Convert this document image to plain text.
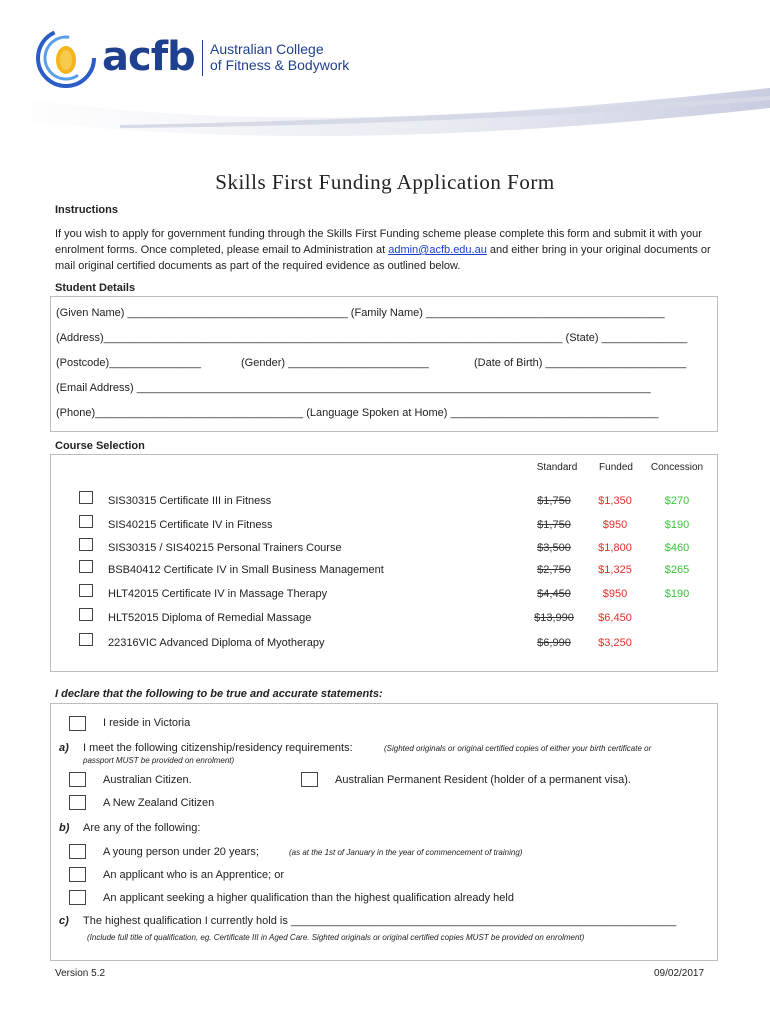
acfb Australian College
of Fitness & Bodywork
Skills First Funding Application Form
Instructions
If you wish to apply for government funding through the Skills First Funding scheme please complete this form and submit it with your enrolment forms. Once completed, please email to Administration at admin@acfb.edu.au and either bring in your original documents or mail original certified documents as part of the required evidence as outlined below.
Student Details
(Given Name) ____________________________________ (Family Name) _______________________________________
(Address)___________________________________________________________________________ (State) ______________
(Postcode)_______________	(Gender) _______________________	(Date of Birth) _______________________
(Email Address) ____________________________________________________________________________________
(Phone)__________________________________ (Language Spoken at Home) __________________________________
Course Selection
Standard	Funded	Concession
SIS30315 Certificate III in Fitness	$1,750	$1,350	$270
SIS40215 Certificate IV in Fitness	$1,750	$950	$190
SIS30315 / SIS40215 Personal Trainers Course	$3,500	$1,800	$460
BSB40412 Certificate IV in Small Business Management	$2,750	$1,325	$265
HLT42015 Certificate IV in Massage Therapy	$4,450	$950	$190
HLT52015 Diploma of Remedial Massage	$13,990	$6,450
22316VIC Advanced Diploma of Myotherapy	$6,990	$3,250
I declare that the following to be true and accurate statements:
I reside in Victoria
a) I meet the following citizenship/residency requirements:	(Sighted originals or original certified copies of either your birth certificate or
passport MUST be provided on enrolment)
Australian Citizen.	Australian Permanent Resident (holder of a permanent visa).
A New Zealand Citizen
b) Are any of the following:
A young person under 20 years;	(as at the 1st of January in the year of commencement of training)
An applicant who is an Apprentice; or
An applicant seeking a higher qualification than the highest qualification already held
c) The highest qualification I currently hold is _______________________________________________________________
(Include full title of qualification, eg. Certificate III in Aged Care. Sighted originals or original certified copies MUST be provided on enrolment)
Version 5.2	09/02/2017
